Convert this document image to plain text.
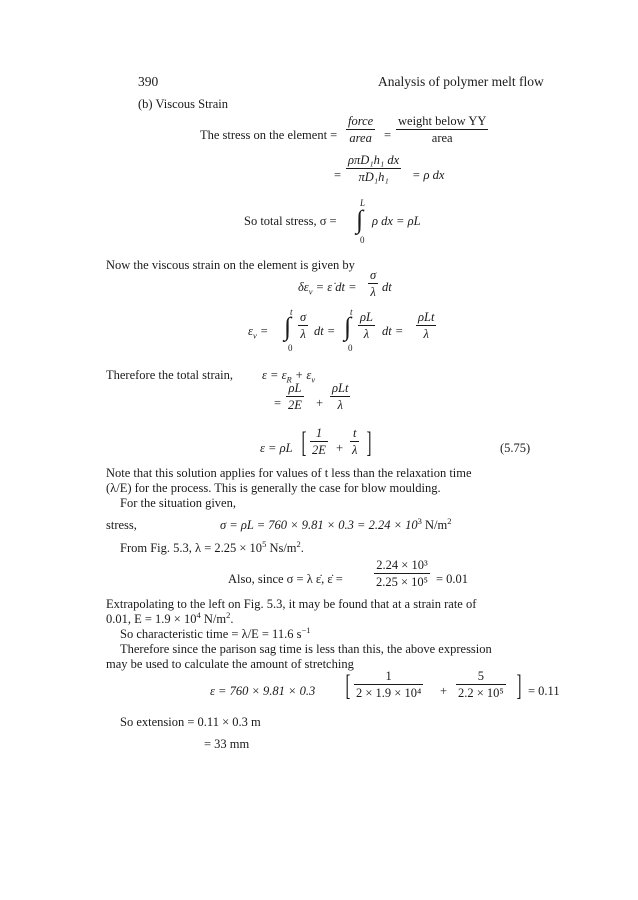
390	Analysis of polymer melt flow
(b) Viscous Strain
The stress on the element =
force
area =
weight below YY
area
=
ρπD₁h₁ dx
πD₁h₁	= ρ dx
L
∫
0
So total stress, σ =	ρ dx = ρL
Now the viscous strain on the element is given by
$\delta\varepsilon_v$ = ε̇ dt = $\frac{\sigma}{\lambda}$ dt
$\varepsilon_v$ =
t
∫
0
$\frac{\sigma}{\lambda}$ dt =
t
∫
0
$\frac{\rho L}{\lambda}$ dt =
ρLt
λ
Therefore the total strain, $\varepsilon = \varepsilon_R + \varepsilon_v$
= $\frac{\rho L}{2E}$ +
ρLt
λ
ε = ρL [ $\frac{1}{2E} + \frac{t}{\lambda}$ ]	(5.75)
Note that this solution applies for values of t less than the relaxation time
(λ/E) for the process. This is generally the case for blow moulding.
For the situation given,
stress,	$\sigma = \rho L = 760 \times 9.81 \times 0.3 = 2.24 \times 10^3$ $N/m^2$
From Fig. 5.3, $\lambda = 2.25 \times 10^5$ $Ns/m^2$.
Also, since σ = λ ε̇, ε̇ = $\frac{\text{2.24 × 10³}}{\text{2.25 × 10⁵}} = 0.01$
Extrapolating to the left on Fig. 5.3, it may be found that at a strain rate of
0.01, $E = 1.9 \times 10^4$ $N/m^2$.
So characteristic time = λ/E = 11.6 $s^{-1}$
Therefore since the parison sag time is less than this, the above expression
may be used to calculate the amount of stretching
ε = 760 × 9.81 × 0.3 [ $\frac{1}{\text{2 × 1.9 × 10⁴}} + \frac{5}{\text{2.2 × 10⁵}}$ ] = 0.11
So extension = 0.11 × 0.3 m
= 33 mm
